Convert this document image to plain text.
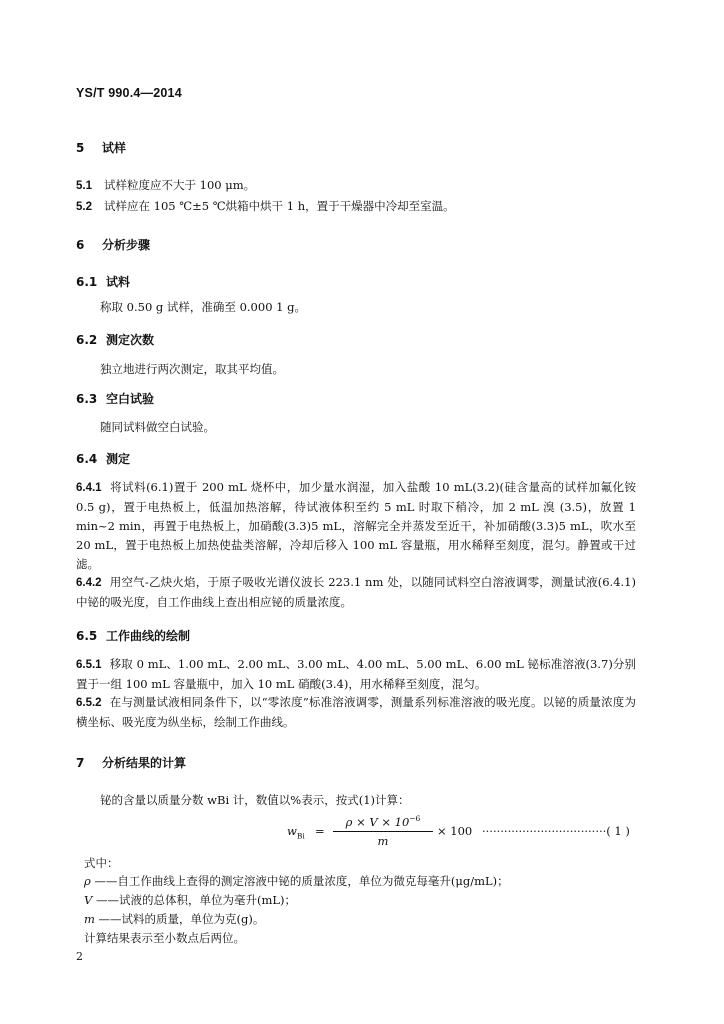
YS/T 990.4—2014
5 试样
5.1 试样粒度应不大于 100 μm。
5.2 试样应在 105 ℃±5 ℃烘箱中烘干 1 h，置于干燥器中冷却至室温。
6 分析步骤
6.1 试料
称取 0.50 g 试样，准确至 0.000 1 g。
6.2 测定次数
独立地进行两次测定，取其平均值。
6.3 空白试验
随同试料做空白试验。
6.4 测定
6.4.1 将试料(6.1)置于 200 mL 烧杯中，加少量水润湿，加入盐酸 10 mL(3.2)(硅含量高的试样加氟化铵 0.5 g)，置于电热板上，低温加热溶解，待试液体积至约 5 mL 时取下稍冷，加 2 mL 溴 (3.5)，放置 1 min~2 min，再置于电热板上，加硝酸(3.3)5 mL，溶解完全并蒸发至近干，补加硝酸(3.3)5 mL，吹水至 20 mL，置于电热板上加热使盐类溶解，冷却后移入 100 mL 容量瓶，用水稀释至刻度，混匀。静置或干过滤。
6.4.2 用空气-乙炔火焰，于原子吸收光谱仪波长 223.1 nm 处，以随同试料空白溶液调零，测量试液(6.4.1)中铋的吸光度，自工作曲线上查出相应铋的质量浓度。
6.5 工作曲线的绘制
6.5.1 移取 0 mL、1.00 mL、2.00 mL、3.00 mL、4.00 mL、5.00 mL、6.00 mL 铋标准溶液(3.7)分别置于一组 100 mL 容量瓶中，加入 10 mL 硝酸(3.4)，用水稀释至刻度，混匀。
6.5.2 在与测量试液相同条件下，以“零浓度”标准溶液调零，测量系列标准溶液的吸光度。以铋的质量浓度为横坐标、吸光度为纵坐标，绘制工作曲线。
7 分析结果的计算
铋的含量以质量分数 wBi 计，数值以%表示，按式(1)计算：
$w_{Bi} = \frac{\rho \times V \times 10^{-6}}{m} \times 100$ ··································( 1 )
式中：
ρ ——自工作曲线上查得的测定溶液中铋的质量浓度，单位为微克每毫升(μg/mL)；
V ——试液的总体积，单位为毫升(mL)；
m ——试料的质量，单位为克(g)。
计算结果表示至小数点后两位。
2
